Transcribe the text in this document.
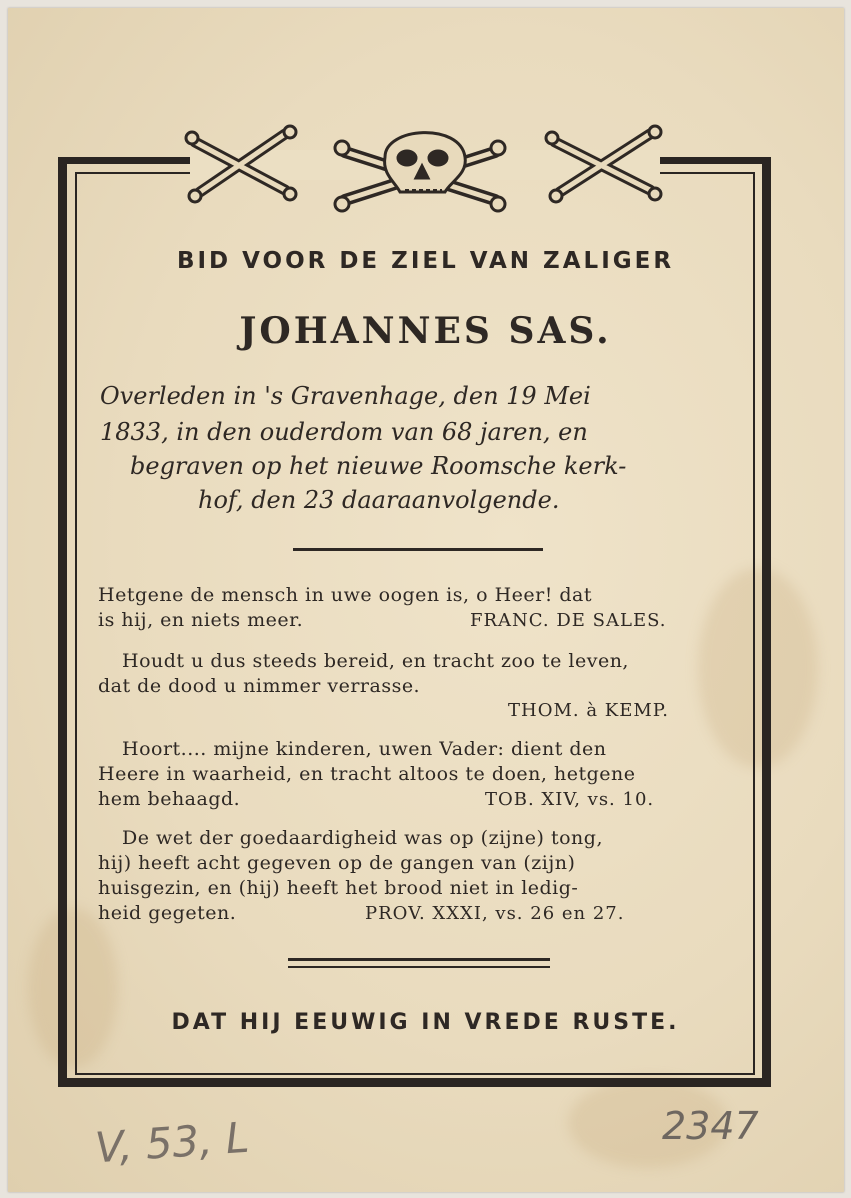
BID VOOR DE ZIEL VAN ZALIGER
JOHANNES SAS.
Overleden in 's Gravenhage, den 19 Mei
1833, in den ouderdom van 68 jaren, en
begraven op het nieuwe Roomsche kerk-
hof, den 23 daaraanvolgende.
Hetgene de mensch in uwe oogen is, o Heer! dat
is hij, en niets meer.	FRANC. DE SALES.
Houdt u dus steeds bereid, en tracht zoo te leven,
dat de dood u nimmer verrasse.
THOM. à KEMP.
Hoort.... mijne kinderen, uwen Vader: dient den
Heere in waarheid, en tracht altoos te doen, hetgene
hem behaagd.	TOB. XIV, vs. 10.
De wet der goedaardigheid was op (zijne) tong,
hij) heeft acht gegeven op de gangen van (zijn)
huisgezin, en (hij) heeft het brood niet in ledig-
heid gegeten.	PROV. XXXI, vs. 26 en 27.
DAT HIJ EEUWIG IN VREDE RUSTE.
V, 53, L	2347
